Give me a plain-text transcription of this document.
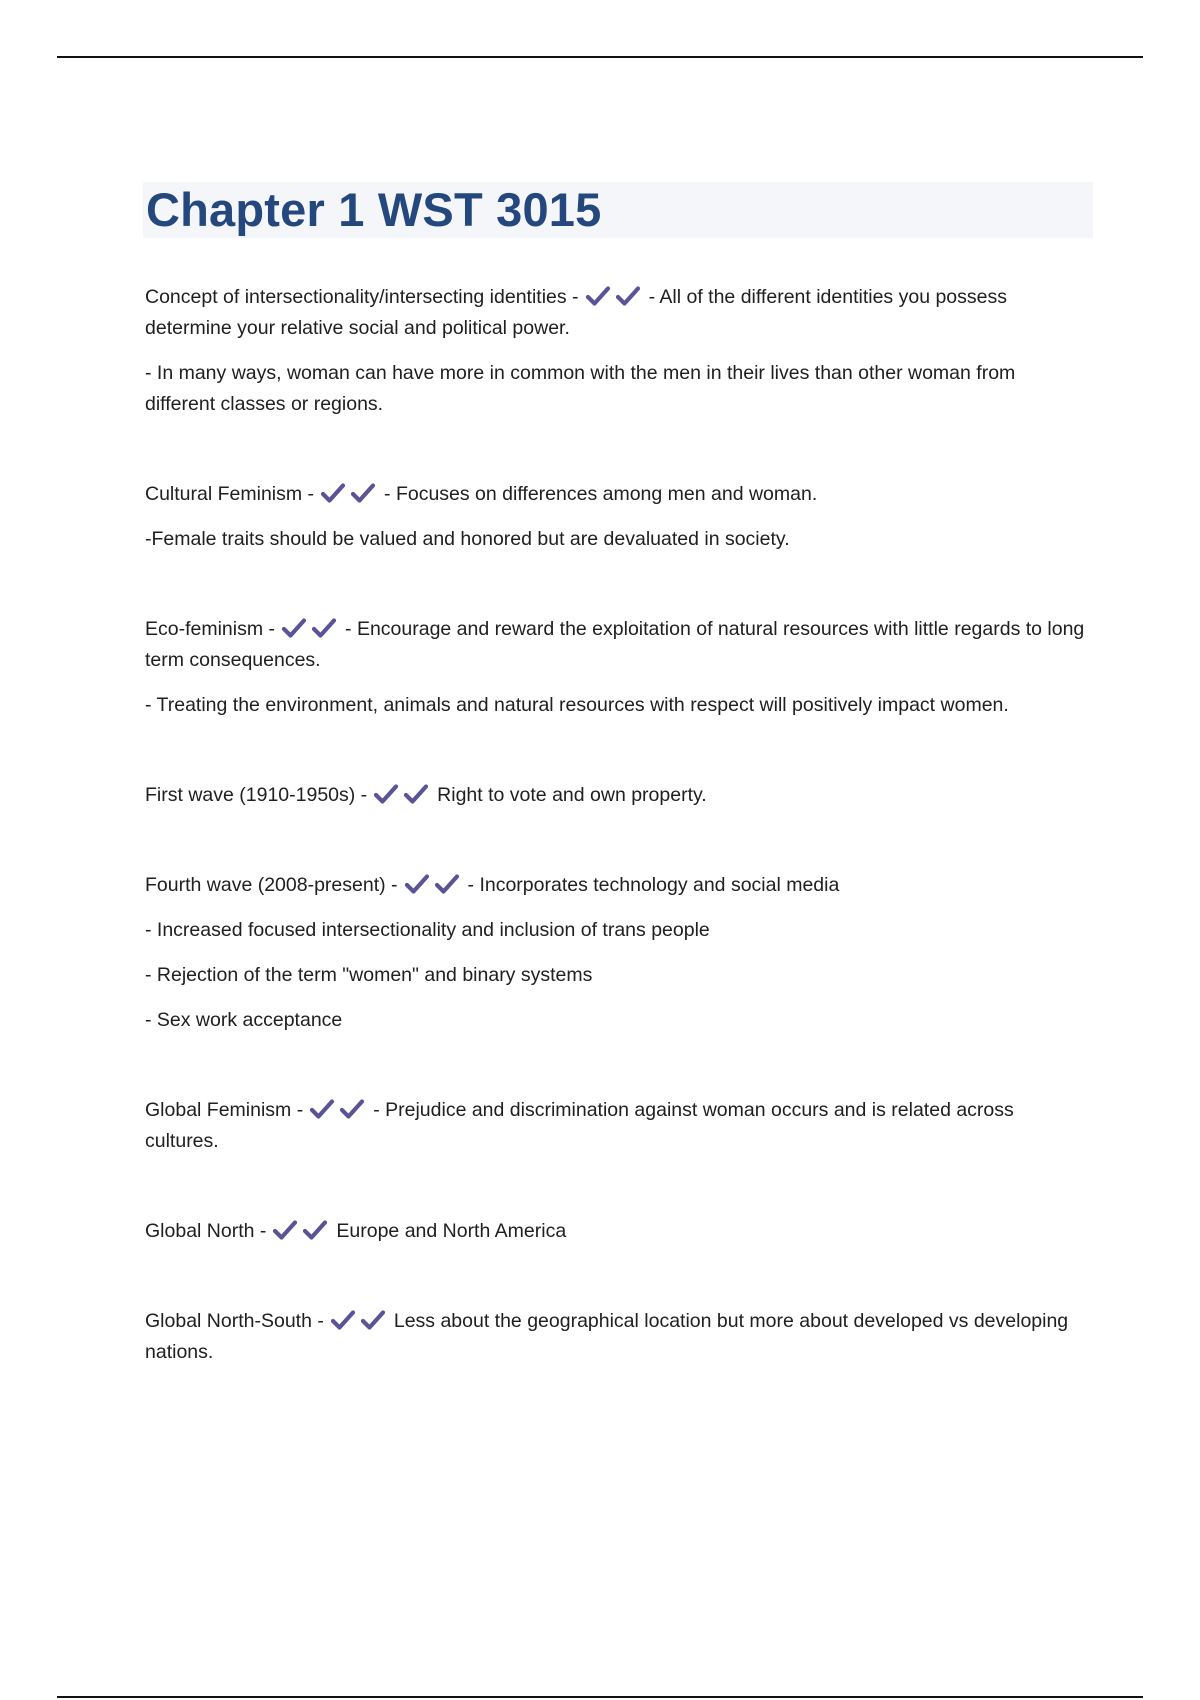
Chapter 1 WST 3015

Concept of intersectionality/intersecting identities -	- All of the different identities you possess determine your relative social and political power.

- In many ways, woman can have more in common with the men in their lives than other woman from different classes or regions.

Cultural Feminism -	- Focuses on differences among men and woman.

-Female traits should be valued and honored but are devaluated in society.

Eco-feminism -	- Encourage and reward the exploitation of natural resources with little regards to long term consequences.

- Treating the environment, animals and natural resources with respect will positively impact women.

First wave (1910-1950s) -	Right to vote and own property.

Fourth wave (2008-present) -	- Incorporates technology and social media

- Increased focused intersectionality and inclusion of trans people

- Rejection of the term "women" and binary systems

- Sex work acceptance

Global Feminism -	- Prejudice and discrimination against woman occurs and is related across cultures.

Global North -	Europe and North America

Global North-South -	Less about the geographical location but more about developed vs developing nations.
